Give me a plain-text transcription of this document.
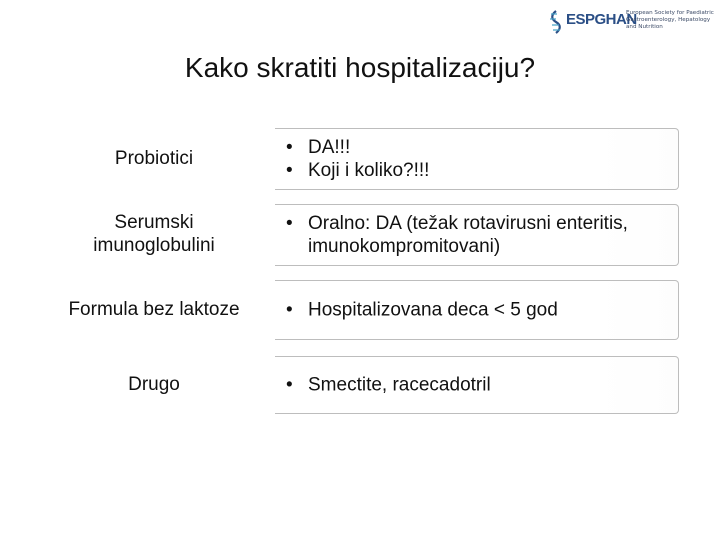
ESPGHAN
European Society for Paediatric Gastroenterology, Hepatology and Nutrition
Kako skratiti hospitalizaciju?
Probiotici	• DA!!!
• Koji i koliko?!!!
Serumski
imunoglobulini
• Oralno: DA (težak rotavirusni enteritis, imunokompromitovani)
Formula bez laktoze • Hospitalizovana deca < 5 god
Drugo	• Smectite, racecadotril
